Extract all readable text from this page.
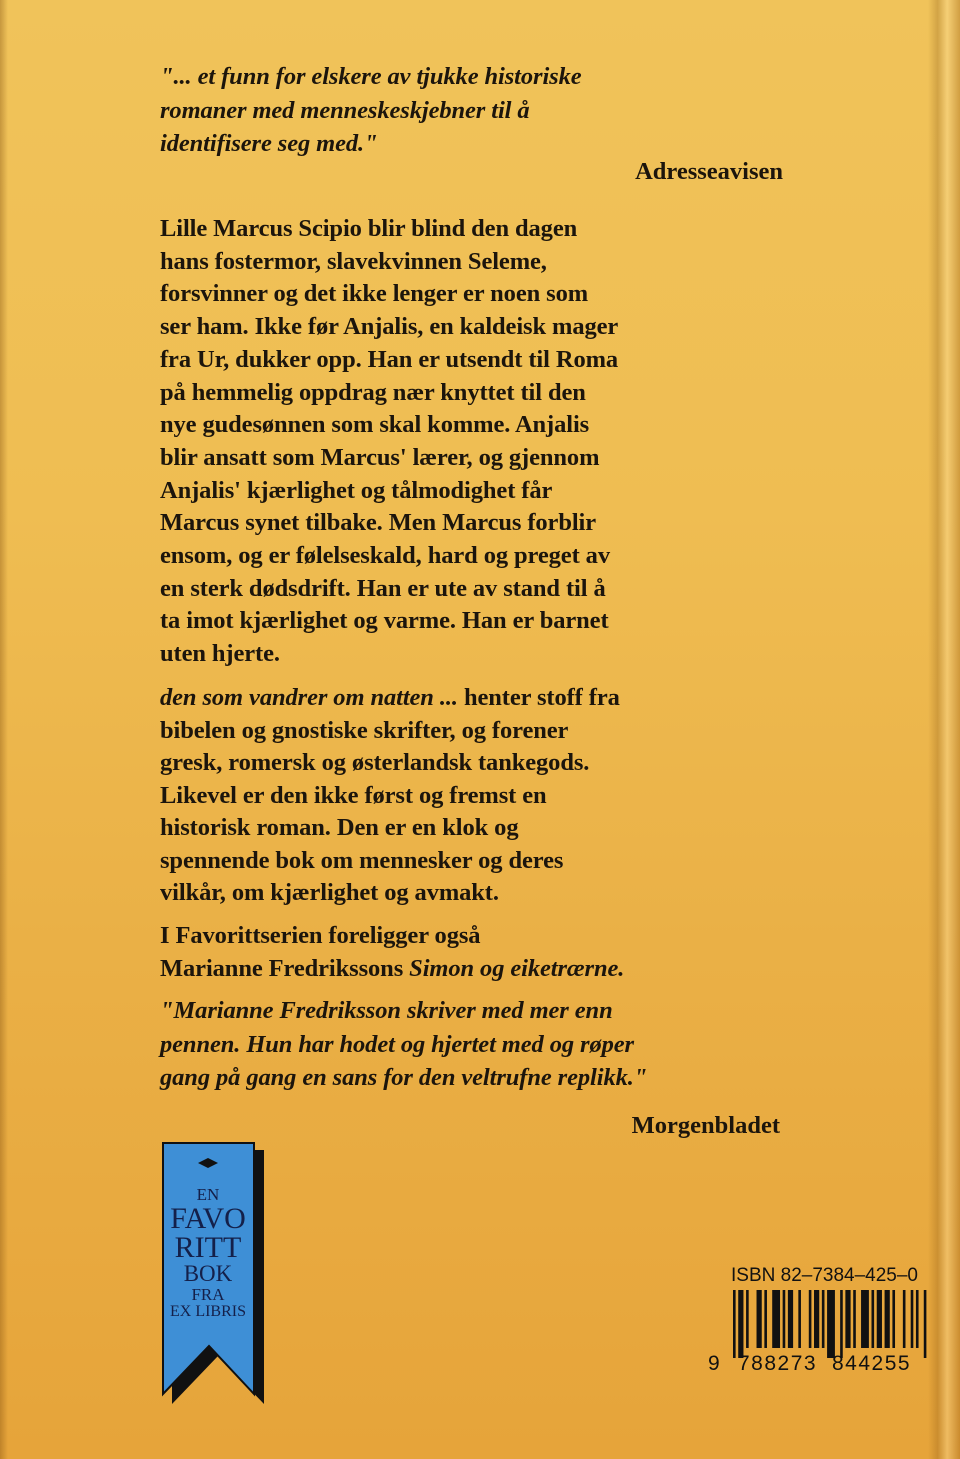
"... et funn for elskere av tjukke historiske
romaner med menneskeskjebner til å
identifisere seg med."
Lille Marcus Scipio blir blind den dagen
hans fostermor, slavekvinnen Seleme,
forsvinner og det ikke lenger er noen som
ser ham. Ikke før Anjalis, en kaldeisk mager
fra Ur, dukker opp. Han er utsendt til Roma
på hemmelig oppdrag nær knyttet til den
nye gudesønnen som skal komme. Anjalis
blir ansatt som Marcus' lærer, og gjennom
Anjalis' kjærlighet og tålmodighet får
Marcus synet tilbake. Men Marcus forblir
ensom, og er følelseskald, hard og preget av
en sterk dødsdrift. Han er ute av stand til å
ta imot kjærlighet og varme. Han er barnet
uten hjerte.
den som vandrer om natten ... henter stoff fra
bibelen og gnostiske skrifter, og forener
gresk, romersk og østerlandsk tankegods.
Likevel er den ikke først og fremst en
historisk roman. Den er en klok og
spennende bok om mennesker og deres
vilkår, om kjærlighet og avmakt.
I Favorittserien foreligger også
Marianne Fredrikssons Simon og eiketrærne.
"Marianne Fredriksson skriver med mer enn
pennen. Hun har hodet og hjertet med og røper
gang på gang en sans for den veltrufne replikk."
Adresseavisen
Morgenbladet
EN
FAVO
RITT
BOK
FRA
EX LIBRIS
ISBN 82–7384–425–0
9 788273 844255
